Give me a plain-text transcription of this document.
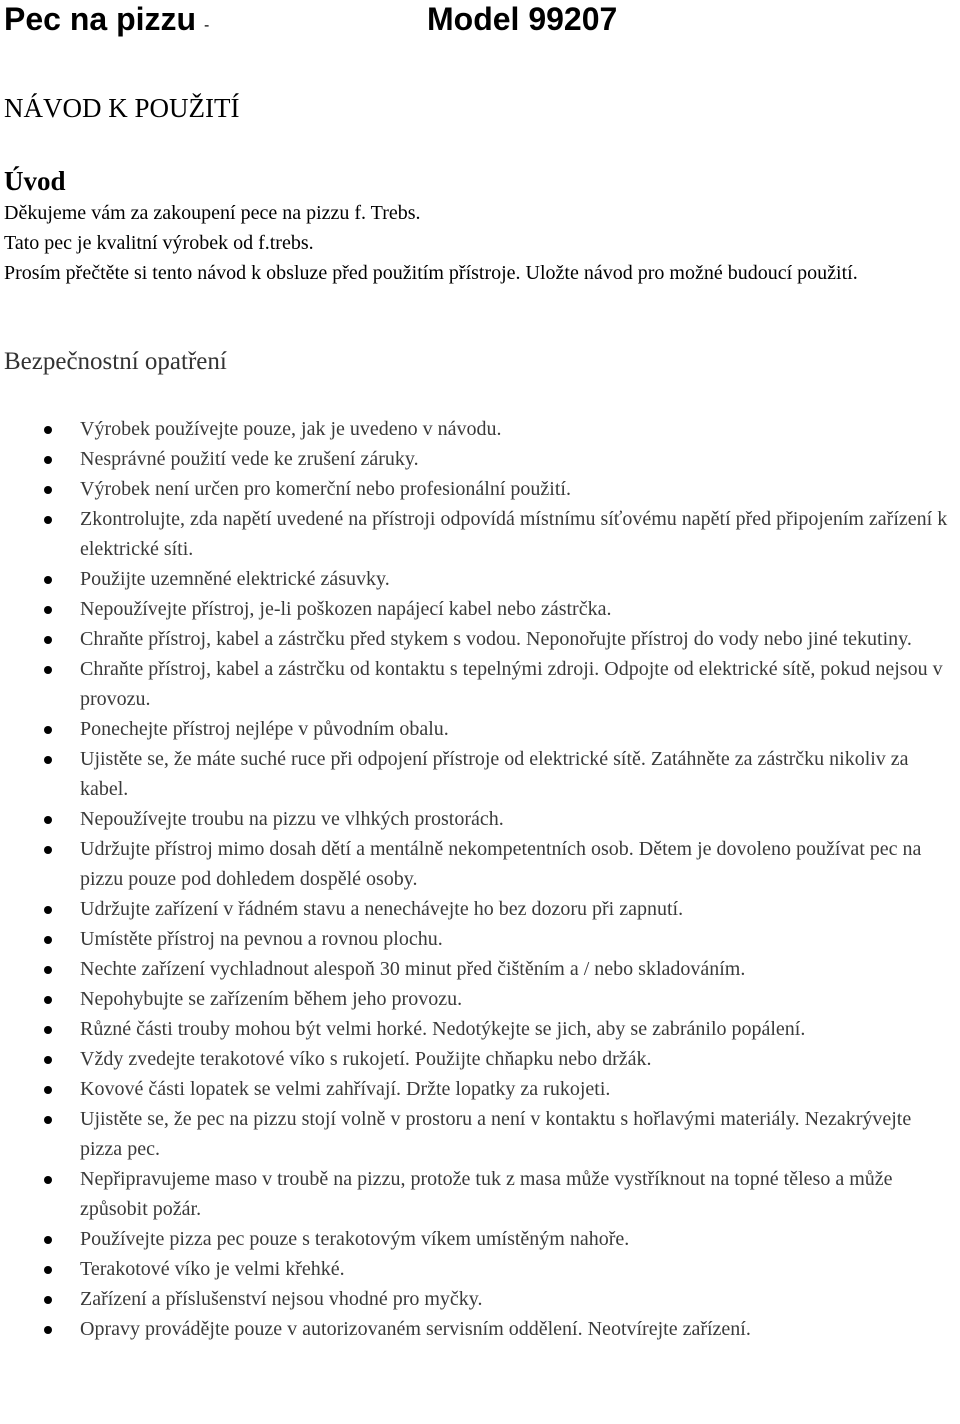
Pec na pizzu -	Model 99207
NÁVOD K POUŽITÍ
Úvod

Děkujeme vám za zakoupení pece na pizzu f. Trebs.

Tato pec je kvalitní výrobek od f.trebs.

Prosím přečtěte si tento návod k obsluze před použitím přístroje. Uložte návod pro možné budoucí použití.

Bezpečnostní opatření
Výrobek používejte pouze, jak je uvedeno v návodu.
Nesprávné použití vede ke zrušení záruky.
Výrobek není určen pro komerční nebo profesionální použití.
Zkontrolujte, zda napětí uvedené na přístroji odpovídá místnímu síťovému napětí před připojením zařízení k elektrické síti.
Použijte uzemněné elektrické zásuvky.
Nepoužívejte přístroj, je-li poškozen napájecí kabel nebo zástrčka.
Chraňte přístroj, kabel a zástrčku před stykem s vodou. Neponořujte přístroj do vody nebo jiné tekutiny.
Chraňte přístroj, kabel a zástrčku od kontaktu s tepelnými zdroji. Odpojte od elektrické sítě, pokud nejsou v provozu.
Ponechejte přístroj nejlépe v původním obalu.
Ujistěte se, že máte suché ruce při odpojení přístroje od elektrické sítě. Zatáhněte za zástrčku nikoliv za kabel.
Nepoužívejte troubu na pizzu ve vlhkých prostorách.
Udržujte přístroj mimo dosah dětí a mentálně nekompetentních osob. Dětem je dovoleno používat pec na pizzu pouze pod dohledem dospělé osoby.
Udržujte zařízení v řádném stavu a nenechávejte ho bez dozoru při zapnutí.
Umístěte přístroj na pevnou a rovnou plochu.
Nechte zařízení vychladnout alespoň 30 minut před čištěním a / nebo skladováním.
Nepohybujte se zařízením během jeho provozu.
Různé části trouby mohou být velmi horké. Nedotýkejte se jich, aby se zabránilo popálení.
Vždy zvedejte terakotové víko s rukojetí. Použijte chňapku nebo držák.
Kovové části lopatek se velmi zahřívají. Držte lopatky za rukojeti.
Ujistěte se, že pec na pizzu stojí volně v prostoru a není v kontaktu s hořlavými materiály. Nezakrývejte pizza pec.
Nepřipravujeme maso v troubě na pizzu, protože tuk z masa může vystříknout na topné těleso a může způsobit požár.
Používejte pizza pec pouze s terakotovým víkem umístěným nahoře.
Terakotové víko je velmi křehké.
Zařízení a příslušenství nejsou vhodné pro myčky.
Opravy provádějte pouze v autorizovaném servisním oddělení. Neotvírejte zařízení.
